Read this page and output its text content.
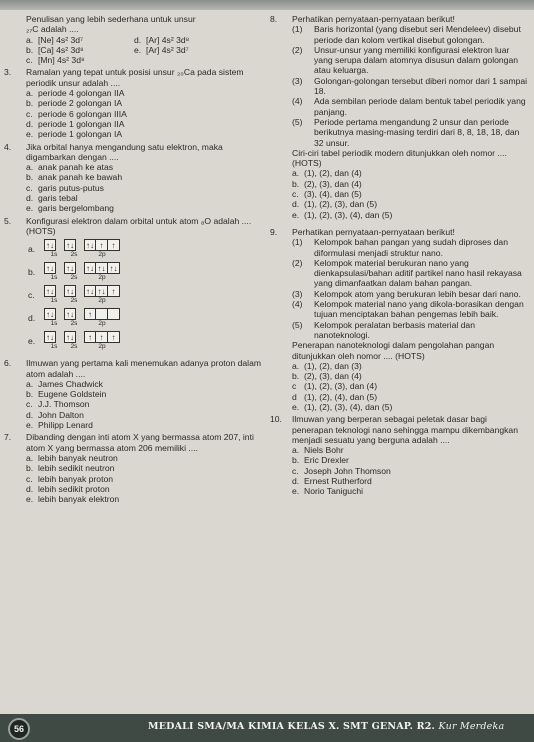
Penulisan yang lebih sederhana untuk unsur
₂₇C adalah ....
a. [Ne] 4s² 3d⁷	d. [Ar] 4s² 3d⁸
b. [Ca] 4s² 3d⁸	e. [Ar] 4s² 3d⁷
c. [Mn] 4s² 3d⁸
3. Ramalan yang tepat untuk posisi unsur ₂₀Ca pada sistem periodik unsur adalah ....
a. periode 4 golongan IIA
b. periode 2 golongan IA
c. periode 6 golongan IIIA
d. periode 1 golongan IIA
e. periode 1 golongan IA
4. Jika orbital hanya mengandung satu elektron, maka digambarkan dengan ....
a. anak panah ke atas
b. anak panah ke bawah
c. garis putus-putus
d. garis tebal
e. garis bergelombang
5. Konfigurasi elektron dalam orbital untuk atom ₈O adalah .... (HOTS)
a. ↑↓ ↑↓ ↑↓ ↑	↑
1s	2s	2p
b. ↑↓ ↑↓ ↑↓ ↑↓ ↑↓
1s	2s	2p
c. ↑↓ ↑↓ ↑↓ ↑↓ ↑
1s	2s	2p
d. ↑↓ ↑↓	↑
1s	2s	2p
e. ↑↓ ↑↓	↑ ↑	↑
1s	2s	2p
6. Ilmuwan yang pertama kali menemukan adanya proton dalam atom adalah ....
a. James Chadwick
b. Eugene Goldstein
c. J.J. Thomson
d. John Dalton
e. Philipp Lenard
7. Dibanding dengan inti atom X yang bermassa atom 207, inti atom X yang bermassa atom 206 memiliki ....
a. lebih banyak neutron
b. lebih sedikit neutron
c. lebih banyak proton
d. lebih sedikit proton
e. lebih banyak elektron
8. Perhatikan pernyataan-pernyataan berikut!
(1) Baris horizontal (yang disebut seri Mendeleev) disebut periode dan kolom vertikal disebut golongan.
(2) Unsur-unsur yang memiliki konfigurasi elektron luar yang serupa dalam atomnya disusun dalam golongan atau keluarga.
(3) Golongan-golongan tersebut diberi nomor dari 1 sampai 18.
(4) Ada sembilan periode dalam bentuk tabel periodik yang panjang.
(5) Periode pertama mengandung 2 unsur dan periode berikutnya masing-masing terdiri dari 8, 8, 18, 18, dan 32 unsur.
Ciri-ciri tabel periodik modern ditunjukkan oleh nomor .... (HOTS)
a. (1), (2), dan (4)
b. (2), (3), dan (4)
c. (3), (4), dan (5)
d. (1), (2), (3), dan (5)
e. (1), (2), (3), (4), dan (5)
9. Perhatikan pernyataan-pernyataan berikut!
(1) Kelompok bahan pangan yang sudah diproses dan diformulasi menjadi struktur nano.
(2) Kelompok material berukuran nano yang dienkapsulasi/bahan aditif partikel nano hasil rekayasa yang dimanfaatkan dalam bahan pangan.
(3) Kelompok atom yang berukuran lebih besar dari nano.
(4) Kelompok material nano yang dikola-borasikan dengan tujuan menciptakan bahan pengemas lebih baik.
(5) Kelompok peralatan berbasis material dan nanoteknologi.
Penerapan nanoteknologi dalam pengolahan pangan ditunjukkan oleh nomor .... (HOTS)
a. (1), (2), dan (3)
b. (2), (3), dan (4)
c (1), (2), (3), dan (4)
d (1), (2), (4), dan (5)
e. (1), (2), (3), (4), dan (5)
10. Ilmuwan yang berperan sebagai peletak dasar bagi penerapan teknologi nano sehingga mampu dikembangkan menjadi sesuatu yang berguna adalah ....
a. Niels Bohr
b. Eric Drexler
c. Joseph John Thomson
d. Ernest Rutherford
e. Norio Taniguchi
56	MEDALI SMA/MA KIMIA KELAS X. SMT GENAP. R2. Kur Merdeka
